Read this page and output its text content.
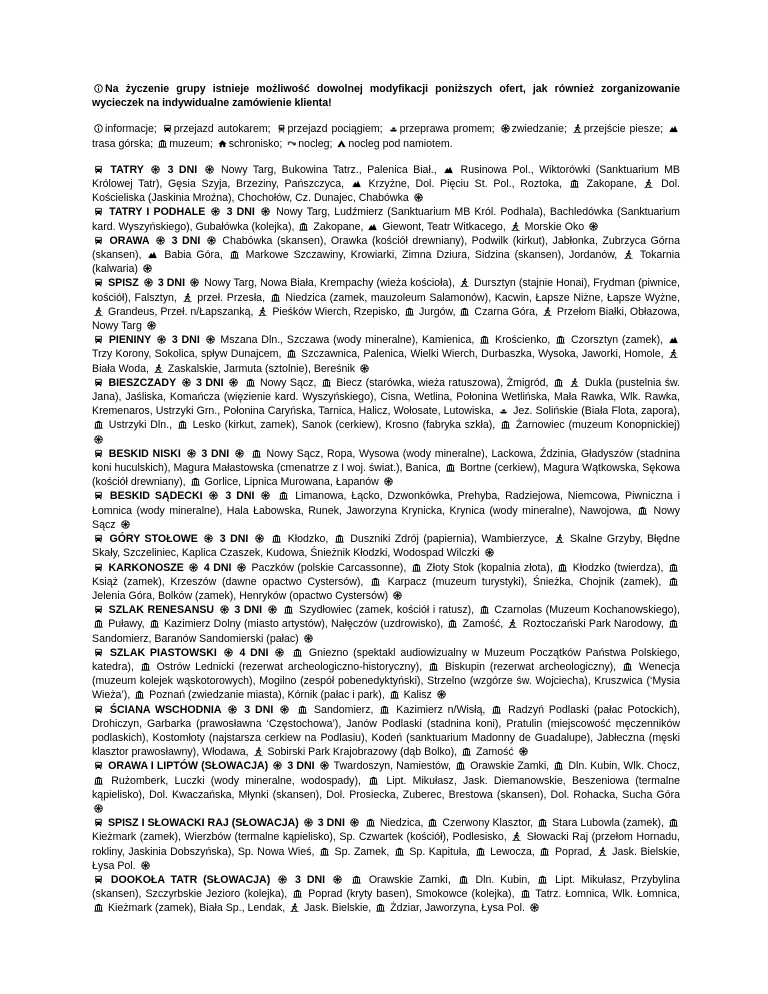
Na życzenie grupy istnieje możliwość dowolnej modyfikacji poniższych ofert, jak również zorganizowanie wycieczek na indywidualne zamówienie klienta!

informacje; przejazd autokarem; przejazd pociągiem; przeprawa promem; zwiedzanie; przejście piesze;
trasa górska; muzeum; schronisko; nocleg; nocleg pod namiotem.

TATRY 3 DNI Nowy Targ, Bukowina Tatrz., Palenica Biał., Rusinowa Pol., Wiktorówki (Sanktuarium MB Królowej Tatr), Gęsia Szyja, Brzeziny, Pańszczyca, Krzyżne, Dol. Pięciu St. Pol., Roztoka, Zakopane, Dol. Kościeliska (Jaskinia Mroźna), Chochołów, Cz. Dunajec, Chabówka

TATRY I PODHALE 3 DNI Nowy Targ, Ludźmierz (Sanktuarium MB Król. Podhala), Bachledówka (Sanktuarium kard. Wyszyńskiego), Gubałówka (kolejka), Zakopane, Giewont, Teatr Witkacego, Morskie Oko

ORAWA 3 DNI Chabówka (skansen), Orawka (kościół drewniany), Podwilk (kirkut), Jabłonka, Zubrzyca Górna (skansen), Babia Góra, Markowe Szczawiny, Krowiarki, Zimna Dziura, Sidzina (skansen), Jordanów, Tokarnia (kalwaria)

SPISZ 3 DNI Nowy Targ, Nowa Biała, Krempachy (wieża kościoła), Dursztyn (stajnie Honai), Frydman (piwnice, kościół), Falsztyn, przeł. Przesła, Niedzica (zamek, mauzoleum Salamonów), Kacwin, Łapsze Niżne, Łapsze Wyżne,
Grandeus, Przeł. n/Łapszanką, Pieśków Wierch, Rzepisko, Jurgów, Czarna Góra, Przełom Białki, Obłazowa, Nowy Targ

PIENINY 3 DNI Mszana Dln., Szczawa (wody mineralne), Kamienica, Krościenko, Czorsztyn (zamek),
Trzy Korony, Sokolica, spływ Dunajcem, Szczawnica, Palenica, Wielki Wierch, Durbaszka, Wysoka, Jaworki, Homole,
Biała Woda, Zaskalskie, Jarmuta (sztolnie), Bereśnik

BIESZCZADY 3 DNI
	Nowy Sącz, Biecz (starówka, wieża ratuszowa), Żmigród,
	Dukla (pustelnia św. Jana), Jaśliska, Komańcza (więzienie kard. Wyszyńskiego), Cisna, Wetlina, Połonina Wetlińska, Mała Rawka, Wlk. Rawka, Kremenaros, Ustrzyki Grn., Połonina Caryńska, Tarnica, Halicz, Wołosate, Lutowiska, Jez. Solińskie (Biała Flota, zapora),
Ustrzyki Dln., Lesko (kirkut, zamek), Sanok (cerkiew), Krosno (fabryka szkła), Żarnowiec (muzeum Konopnickiej)

BESKID NISKI 3 DNI
	Nowy Sącz, Ropa, Wysowa (wody mineralne), Lackowa, Ździnia, Gładyszów (stadnina koni huculskich), Magura Małastowska (cmenatrze z I woj. świat.), Banica, Bortne (cerkiew), Magura Wątkowska, Sękowa (kościół drewniany), Gorlice, Lipnica Murowana, Łapanów

BESKID SĄDECKI 3 DNI
	Limanowa, Łącko, Dzwonkówka, Prehyba, Radziejowa, Niemcowa, Piwniczna i Łomnica (wody mineralne), Hala Łabowska, Runek, Jaworzyna Krynicka, Krynica (wody mineralne), Nawojowa, Nowy Sącz

GÓRY STOŁOWE 3 DNI
	Kłodzko, Duszniki Zdrój (papiernia), Wambierzyce, Skalne Grzyby, Błędne Skały, Szczeliniec, Kaplica Czaszek, Kudowa, Śnieżnik Kłodzki, Wodospad Wilczki

KARKONOSZE 4 DNI Paczków (polskie Carcassonne), Złoty Stok (kopalnia złota), Kłodzko (twierdza),
Książ (zamek), Krzeszów (dawne opactwo Cystersów), Karpacz (muzeum turystyki), Śnieżka, Chojnik (zamek),
Jelenia Góra, Bolków (zamek), Henryków (opactwo Cystersów)

SZLAK RENESANSU 3 DNI
	Szydłowiec (zamek, kościół i ratusz), Czarnolas (Muzeum Kochanowskiego),
Puławy, Kazimierz Dolny (miasto artystów), Nałęczów (uzdrowisko), Zamość, Roztoczański Park Narodowy,
Sandomierz, Baranów Sandomierski (pałac)

SZLAK PIASTOWSKI 4 DNI
	Gniezno (spektakl audiowizualny w Muzeum Początków Państwa Polskiego, katedra), Ostrów Lednicki (rezerwat archeologiczno-historyczny), Biskupin (rezerwat archeologiczny), Wenecja (muzeum kolejek wąskotorowych), Mogilno (zespół pobenedyktyński), Strzelno (wzgórze św. Wojciecha), Kruszwica (‘Mysia Wieża’), Poznań (zwiedzanie miasta), Kórnik (pałac i park), Kalisz

ŚCIANA WSCHODNIA 3 DNI
	Sandomierz, Kazimierz n/Wisłą, Radzyń Podlaski (pałac Potockich), Drohiczyn, Garbarka (prawosławna ‘Częstochowa’), Janów Podlaski (stadnina koni), Pratulin (miejscowość męczenników podlaskich), Kostomłoty (najstarsza cerkiew na Podlasiu), Kodeń (sanktuarium Madonny de Guadalupe), Jabłeczna (męski klasztor prawosławny), Włodawa, Sobirski Park Krajobrazowy (dąb Bolko), Zamość

ORAWA I LIPTÓW (SŁOWACJA) 3 DNI Twardoszyn, Namiestów, Orawskie Zamki, Dln. Kubin, Wlk. Chocz,
Rużomberk, Luczki (wody mineralne, wodospady), Lipt. Mikułasz, Jask. Diemanowskie, Beszeniowa (termalne kąpielisko), Dol. Kwaczańska, Młynki (skansen), Dol. Prosiecka, Zuberec, Brestowa (skansen), Dol. Rohacka, Sucha Góra

SPISZ I SŁOWACKI RAJ (SŁOWACJA) 3 DNI
	Niedzica, Czerwony Klasztor, Stara Lubowla (zamek),
Kieżmark (zamek), Wierzbów (termalne kąpielisko), Sp. Czwartek (kościół), Podlesisko, Słowacki Raj (przełom Hornadu, rokliny, Jaskinia Dobszyńska), Sp. Nowa Wieś, Sp. Zamek, Sp. Kapituła, Lewocza, Poprad, Jask. Bielskie, Łysa Pol.

DOOKOŁA TATR (SŁOWACJA) 3 DNI
	Orawskie Zamki, Dln. Kubin, Lipt. Mikułasz, Przybylina (skansen), Szczyrbskie Jezioro (kolejka), Poprad (kryty basen), Smokowce (kolejka), Tatrz. Łomnica, Wlk. Łomnica,
Kieżmark (zamek), Biała Sp., Lendak, Jask. Bielskie, Żdziar, Jaworzyna, Łysa Pol.
